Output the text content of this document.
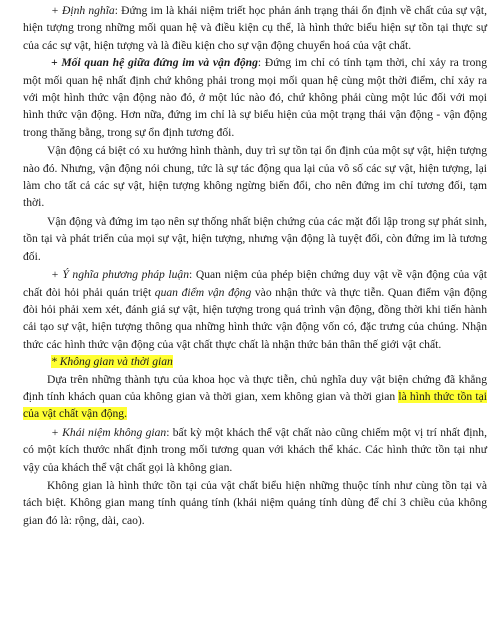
+ Định nghĩa: Đứng im là khái niệm triết học phản ánh trạng thái ổn định về chất của sự vật, hiện tượng trong những mối quan hệ và điều kiện cụ thể, là hình thức biểu hiện sự tồn tại thực sự của các sự vật, hiện tượng và là điều kiện cho sự vận động chuyển hoá của vật chất.

+ Mối quan hệ giữa đứng im và vận động: Đứng im chỉ có tính tạm thời, chỉ xảy ra trong một mối quan hệ nhất định chứ không phải trong mọi mối quan hệ cùng một thời điểm, chỉ xảy ra với một hình thức vận động nào đó, ở một lúc nào đó, chứ không phải cùng một lúc đối với mọi hình thức vận động. Hơn nữa, đứng im chỉ là sự biểu hiện của một trạng thái vận động - vận động trong thăng bằng, trong sự ổn định tương đối.

Vận động cá biệt có xu hướng hình thành, duy trì sự tồn tại ổn định của một sự vật, hiện tượng nào đó. Nhưng, vận động nói chung, tức là sự tác động qua lại của vô số các sự vật, hiện tượng, lại làm cho tất cả các sự vật, hiện tượng không ngừng biến đổi, cho nên đứng im chỉ tương đối, tạm thời.

Vận động và đứng im tạo nên sự thống nhất biện chứng của các mặt đối lập trong sự phát sinh, tồn tại và phát triển của mọi sự vật, hiện tượng, nhưng vận động là tuyệt đối, còn đứng im là tương đối.

+ Ý nghĩa phương pháp luận: Quan niệm của phép biện chứng duy vật về vận động của vật chất đòi hỏi phải quán triệt quan điểm vận động vào nhận thức và thực tiễn. Quan điểm vận động đòi hỏi phải xem xét, đánh giá sự vật, hiện tượng trong quá trình vận động, đồng thời khi tiến hành cải tạo sự vật, hiện tượng thông qua những hình thức vận động vốn có, đặc trưng của chúng. Nhận thức các hình thức vận động của vật chất thực chất là nhận thức bản thân thế giới vật chất.

* Không gian và thời gian

Dựa trên những thành tựu của khoa học và thực tiễn, chủ nghĩa duy vật biện chứng đã khẳng định tính khách quan của không gian và thời gian, xem không gian và thời gian là hình thức tồn tại của vật chất vận động.

+ Khái niệm không gian: bất kỳ một khách thể vật chất nào cũng chiếm một vị trí nhất định, có một kích thước nhất định trong mối tương quan với khách thể khác. Các hình thức tồn tại như vậy của khách thể vật chất gọi là không gian.

Không gian là hình thức tồn tại của vật chất biểu hiện những thuộc tính như cùng tồn tại và tách biệt. Không gian mang tính quảng tính (khái niệm quảng tính dùng để chỉ 3 chiều của không gian đó là: rộng, dài, cao).
